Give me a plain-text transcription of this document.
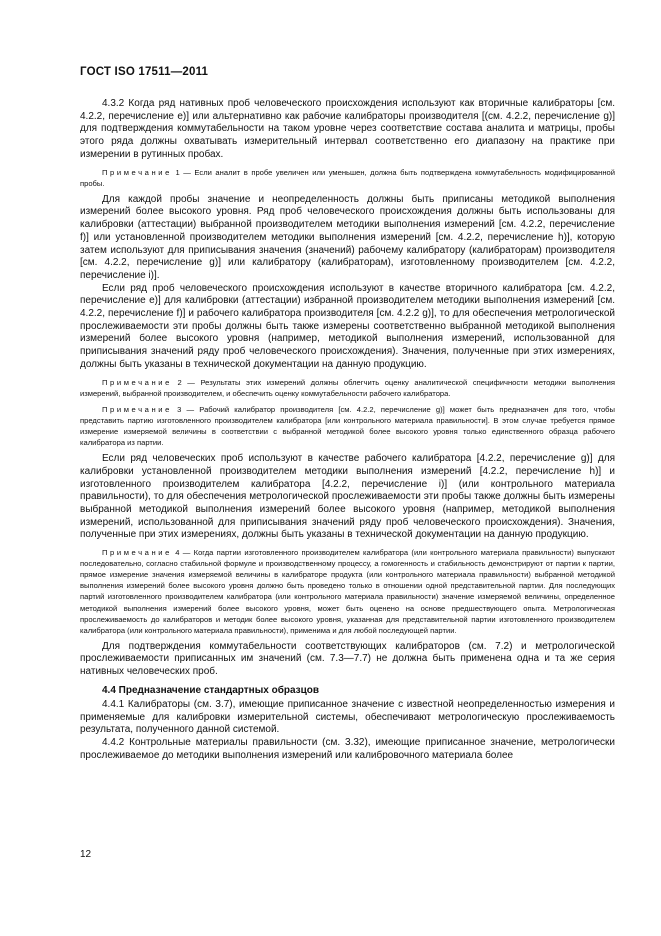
ГОСТ ISO 17511—2011

4.3.2 Когда ряд нативных проб человеческого происхождения используют как вторичные калибраторы [см. 4.2.2, перечисление е)] или альтернативно как рабочие калибраторы производителя [(см. 4.2.2, перечисление g)] для подтверждения коммутабельности на таком уровне через соответствие состава аналита и матрицы, пробы этого ряда должны охватывать измерительный интервал соответственно его диапазону на практике при измерении в рутинных пробах.

Примечание 1 — Если аналит в пробе увеличен или уменьшен, должна быть подтверждена коммутабельность модифицированной пробы.

Для каждой пробы значение и неопределенность должны быть приписаны методикой выполнения измерений более высокого уровня. Ряд проб человеческого происхождения должны быть использованы для калибровки (аттестации) выбранной производителем методики выполнения измерений [см. 4.2.2, перечисление f)] или установленной производителем методики выполнения измерений [см. 4.2.2, перечисление h)], которую затем используют для приписывания значения (значений) рабочему калибратору (калибраторам) производителя [см. 4.2.2, перечисление g)] или калибратору (калибраторам), изготовленному производителем [см. 4.2.2, перечисление i)].

Если ряд проб человеческого происхождения используют в качестве вторичного калибратора [см. 4.2.2, перечисление е)] для калибровки (аттестации) избранной производителем методики выполнения измерений [см. 4.2.2, перечисление f)] и рабочего калибратора производителя [см. 4.2.2 g)], то для обеспечения метрологической прослеживаемости эти пробы должны быть также измерены соответственно выбранной методикой выполнения измерений более высокого уровня (например, методикой выполнения измерений, использованной для приписывания значений ряду проб человеческого происхождения). Значения, полученные при этих измерениях, должны быть указаны в технической документации на данную продукцию.

Примечание 2 — Результаты этих измерений должны облегчить оценку аналитической специфичности методики выполнения измерений, выбранной производителем, и обеспечить оценку коммутабельности рабочего калибратора.

Примечание 3 — Рабочий калибратор производителя [см. 4.2.2, перечисление g)] может быть предназначен для того, чтобы представить партию изготовленного производителем калибратора [или контрольного материала правильности]. В этом случае требуется прямое измерение измеряемой величины в соответствии с выбранной методикой более высокого уровня только единственного образца рабочего калибратора из партии.

Если ряд человеческих проб используют в качестве рабочего калибратора [4.2.2, перечисление g)] для калибровки установленной производителем методики выполнения измерений [4.2.2, перечисление h)] и изготовленного производителем калибратора [4.2.2, перечисление i)] (или контрольного материала правильности), то для обеспечения метрологической прослеживаемости эти пробы также должны быть измерены выбранной методикой выполнения измерений более высокого уровня (например, методикой выполнения измерений, использованной для приписывания значений ряду проб человеческого происхождения). Значения, полученные при этих измерениях, должны быть указаны в технической документации на данную продукцию.

Примечание 4 — Когда партии изготовленного производителем калибратора (или контрольного материала правильности) выпускают последовательно, согласно стабильной формуле и производственному процессу, а гомогенность и стабильность демонстрируют от партии к партии, прямое измерение значения измеряемой величины в калибраторе продукта (или контрольного материала правильности) выбранной методикой выполнения измерений более высокого уровня должно быть проведено только в отношении одной представительной партии. Для последующих партий изготовленного производителем калибратора (или контрольного материала правильности) значение измеряемой величины, определенное методикой выполнения измерений более высокого уровня, может быть оценено на основе предшествующего опыта. Метрологическая прослеживаемость до калибраторов и методик более высокого уровня, указанная для представительной партии изготовленного производителем калибратора (или контрольного материала правильности), применима и для любой последующей партии.

Для подтверждения коммутабельности соответствующих калибраторов (см. 7.2) и метрологической прослеживаемости приписанных им значений (см. 7.3—7.7) не должна быть применена одна и та же серия нативных человеческих проб.

4.4 Предназначение стандартных образцов

4.4.1 Калибраторы (см. 3.7), имеющие приписанное значение с известной неопределенностью измерения и применяемые для калибровки измерительной системы, обеспечивают метрологическую прослеживаемость результата, полученного данной системой.

4.4.2 Контрольные материалы правильности (см. 3.32), имеющие приписанное значение, метрологически прослеживаемое до методики выполнения измерений или калибровочного материала более

12
